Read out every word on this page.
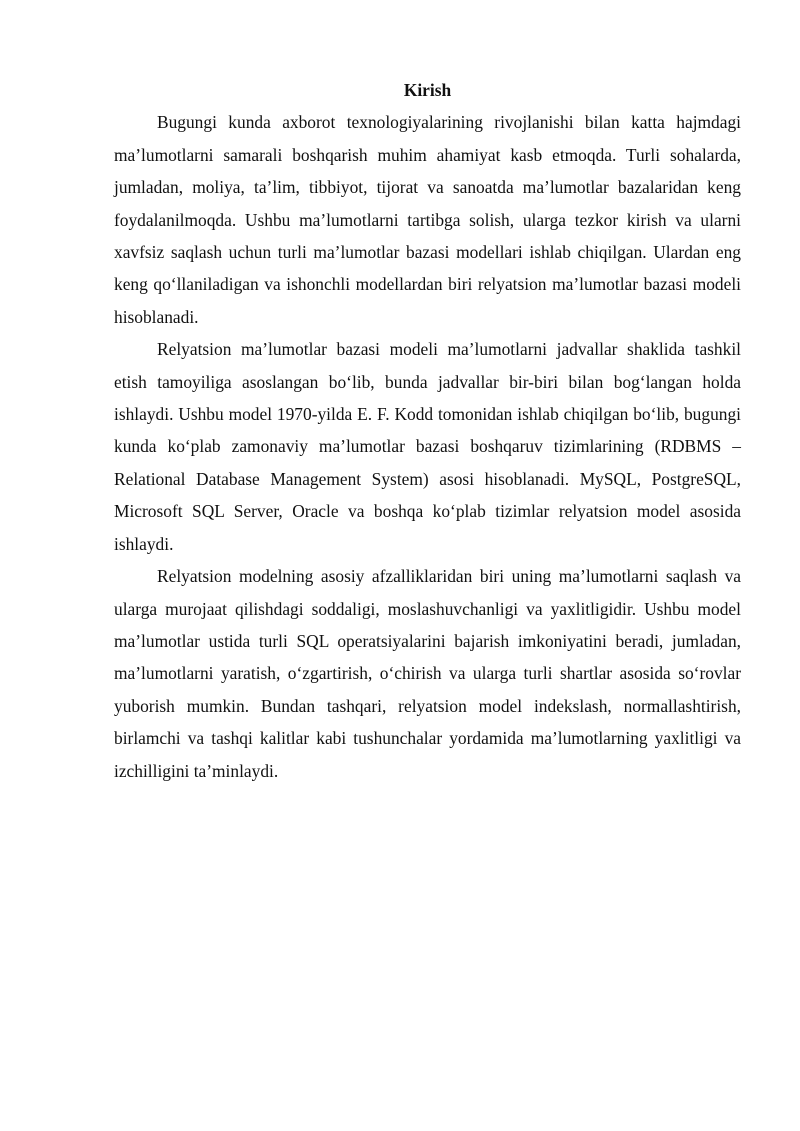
Kirish

Bugungi kunda axborot texnologiyalarining rivojlanishi bilan katta hajmdagi ma’lumotlarni samarali boshqarish muhim ahamiyat kasb etmoqda. Turli sohalarda, jumladan, moliya, ta’lim, tibbiyot, tijorat va sanoatda ma’lumotlar bazalaridan keng foydalanilmoqda. Ushbu ma’lumotlarni tartibga solish, ularga tezkor kirish va ularni xavfsiz saqlash uchun turli ma’lumotlar bazasi modellari ishlab chiqilgan. Ulardan eng keng qo‘llaniladigan va ishonchli modellardan biri relyatsion ma’lumotlar bazasi modeli hisoblanadi.

Relyatsion ma’lumotlar bazasi modeli ma’lumotlarni jadvallar shaklida tashkil etish tamoyiliga asoslangan bo‘lib, bunda jadvallar bir-biri bilan bog‘langan holda ishlaydi. Ushbu model 1970-yilda E. F. Kodd tomonidan ishlab chiqilgan bo‘lib, bugungi kunda ko‘plab zamonaviy ma’lumotlar bazasi boshqaruv tizimlarining (RDBMS – Relational Database Management System) asosi hisoblanadi. MySQL, PostgreSQL, Microsoft SQL Server, Oracle va boshqa ko‘plab tizimlar relyatsion model asosida ishlaydi.

Relyatsion modelning asosiy afzalliklaridan biri uning ma’lumotlarni saqlash va ularga murojaat qilishdagi soddaligi, moslashuvchanligi va yaxlitligidir. Ushbu model ma’lumotlar ustida turli SQL operatsiyalarini bajarish imkoniyatini beradi, jumladan, ma’lumotlarni yaratish, o‘zgartirish, o‘chirish va ularga turli shartlar asosida so‘rovlar yuborish mumkin. Bundan tashqari, relyatsion model indekslash, normallashtirish, birlamchi va tashqi kalitlar kabi tushunchalar yordamida ma’lumotlarning yaxlitligi va izchilligini ta’minlaydi.
